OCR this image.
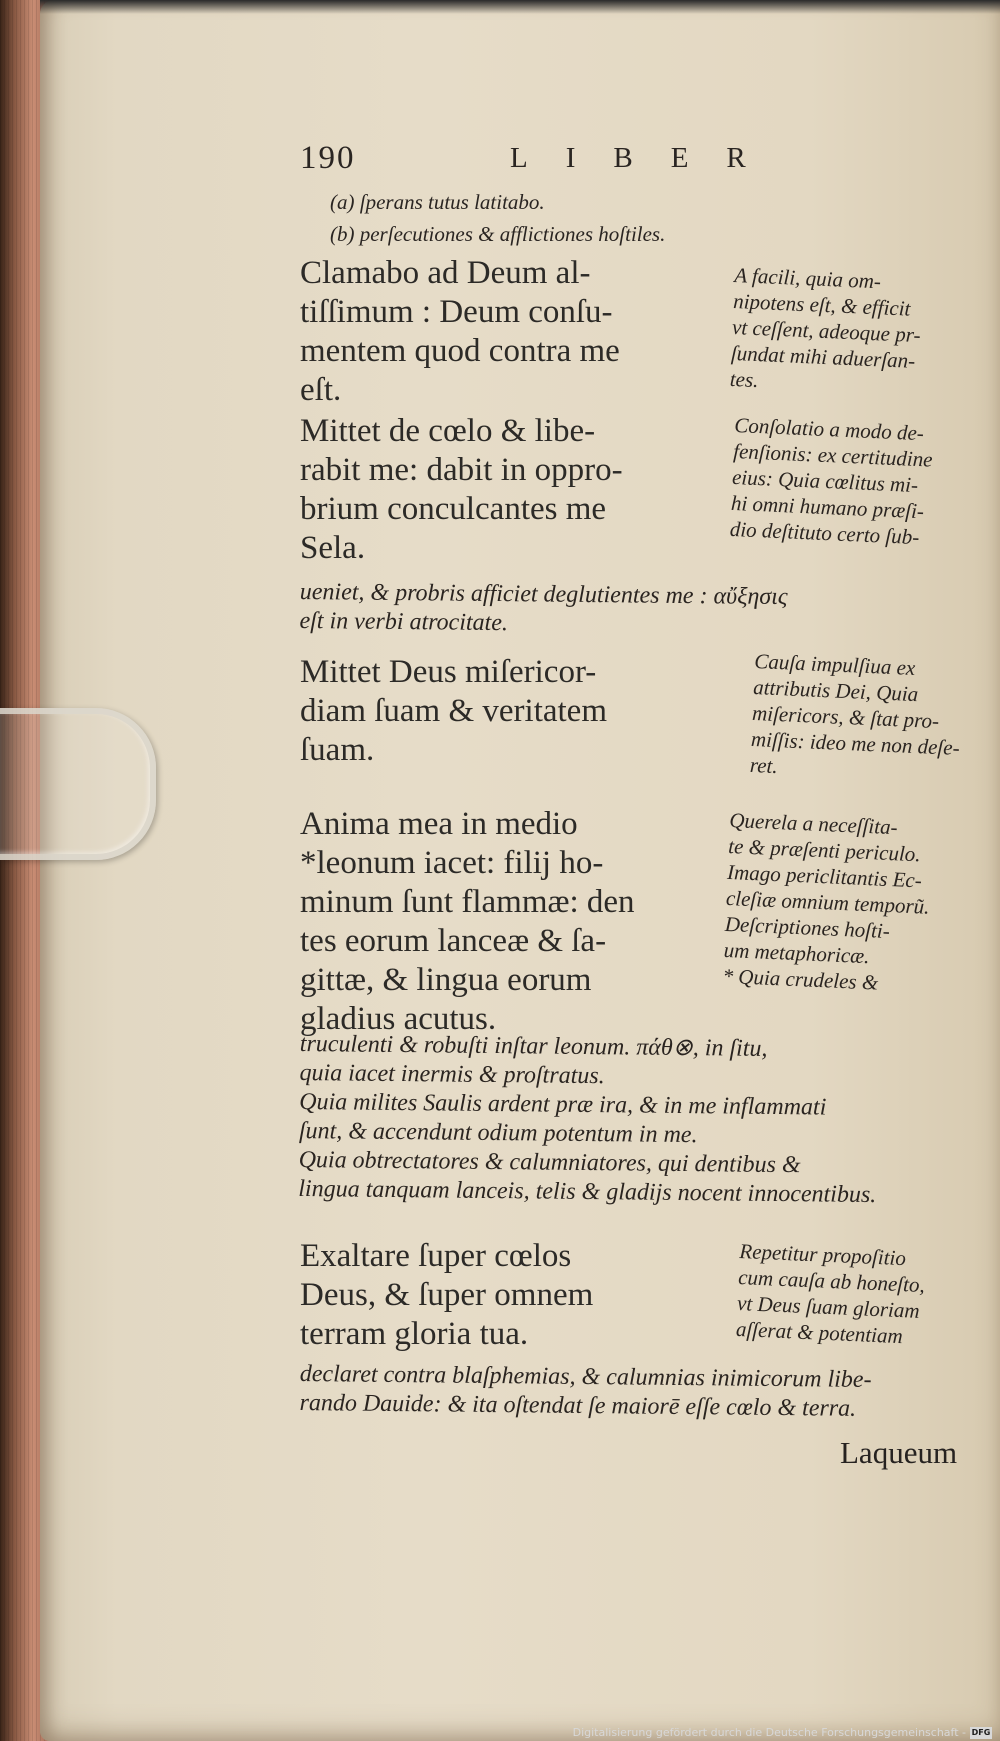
190	LIBER
(a) ſperans tutus latitabo.
(b) perſecutiones & afflictiones hoſtiles.
Clamabo ad Deum al-
tiſſimum : Deum conſu-
mentem quod contra me
eſt.
A facili, quia om-
nipotens eſt, & efficit
vt ceſſent, adeoque pr-
ſundat mihi aduerſan-
tes.
Mittet de cœlo & libe-
rabit me: dabit in oppro-
brium conculcantes me
Sela.
Conſolatio a modo de-
fenſionis: ex certitudine
eius: Quia cœlitus mi-
hi omni humano præſi-
dio deſtituto certo ſub-
ueniet, & probris afficiet deglutientes me : αὔξησις
eſt in verbi atrocitate.
Mittet Deus miſericor-
diam ſuam & veritatem
ſuam.
Cauſa impulſiua ex
attributis Dei, Quia
miſericors, & ſtat pro-
miſſis: ideo me non deſe-
ret.
Anima mea in medio
*leonum iacet: filij ho-
minum ſunt flammæ: den
tes eorum lanceæ & ſa-
gittæ, & lingua eorum
gladius acutus.
Querela a neceſſita-
te & præſenti periculo.
Imago periclitantis Ec-
cleſiæ omnium temporũ.
Deſcriptiones hoſti-
um metaphoricæ.
* Quia crudeles &
truculenti & robuſti inſtar leonum. πάθ⊗, in ſitu,
quia iacet inermis & proſtratus.
Quia milites Saulis ardent præ ira, & in me inflammati
ſunt, & accendunt odium potentum in me.
Quia obtrectatores & calumniatores, qui dentibus &
lingua tanquam lanceis, telis & gladijs nocent innocentibus.
Exaltare ſuper cœlos
Deus, & ſuper omnem
terram gloria tua.
Repetitur propoſitio
cum cauſa ab honeſto,
vt Deus ſuam gloriam
aſſerat & potentiam
declaret contra blaſphemias, & calumnias inimicorum libe-
rando Dauide: & ita oſtendat ſe maiorē eſſe cœlo & terra.
Laqueum
Digitalisierung gefördert durch die Deutsche Forschungsgemeinschaft - DFG
